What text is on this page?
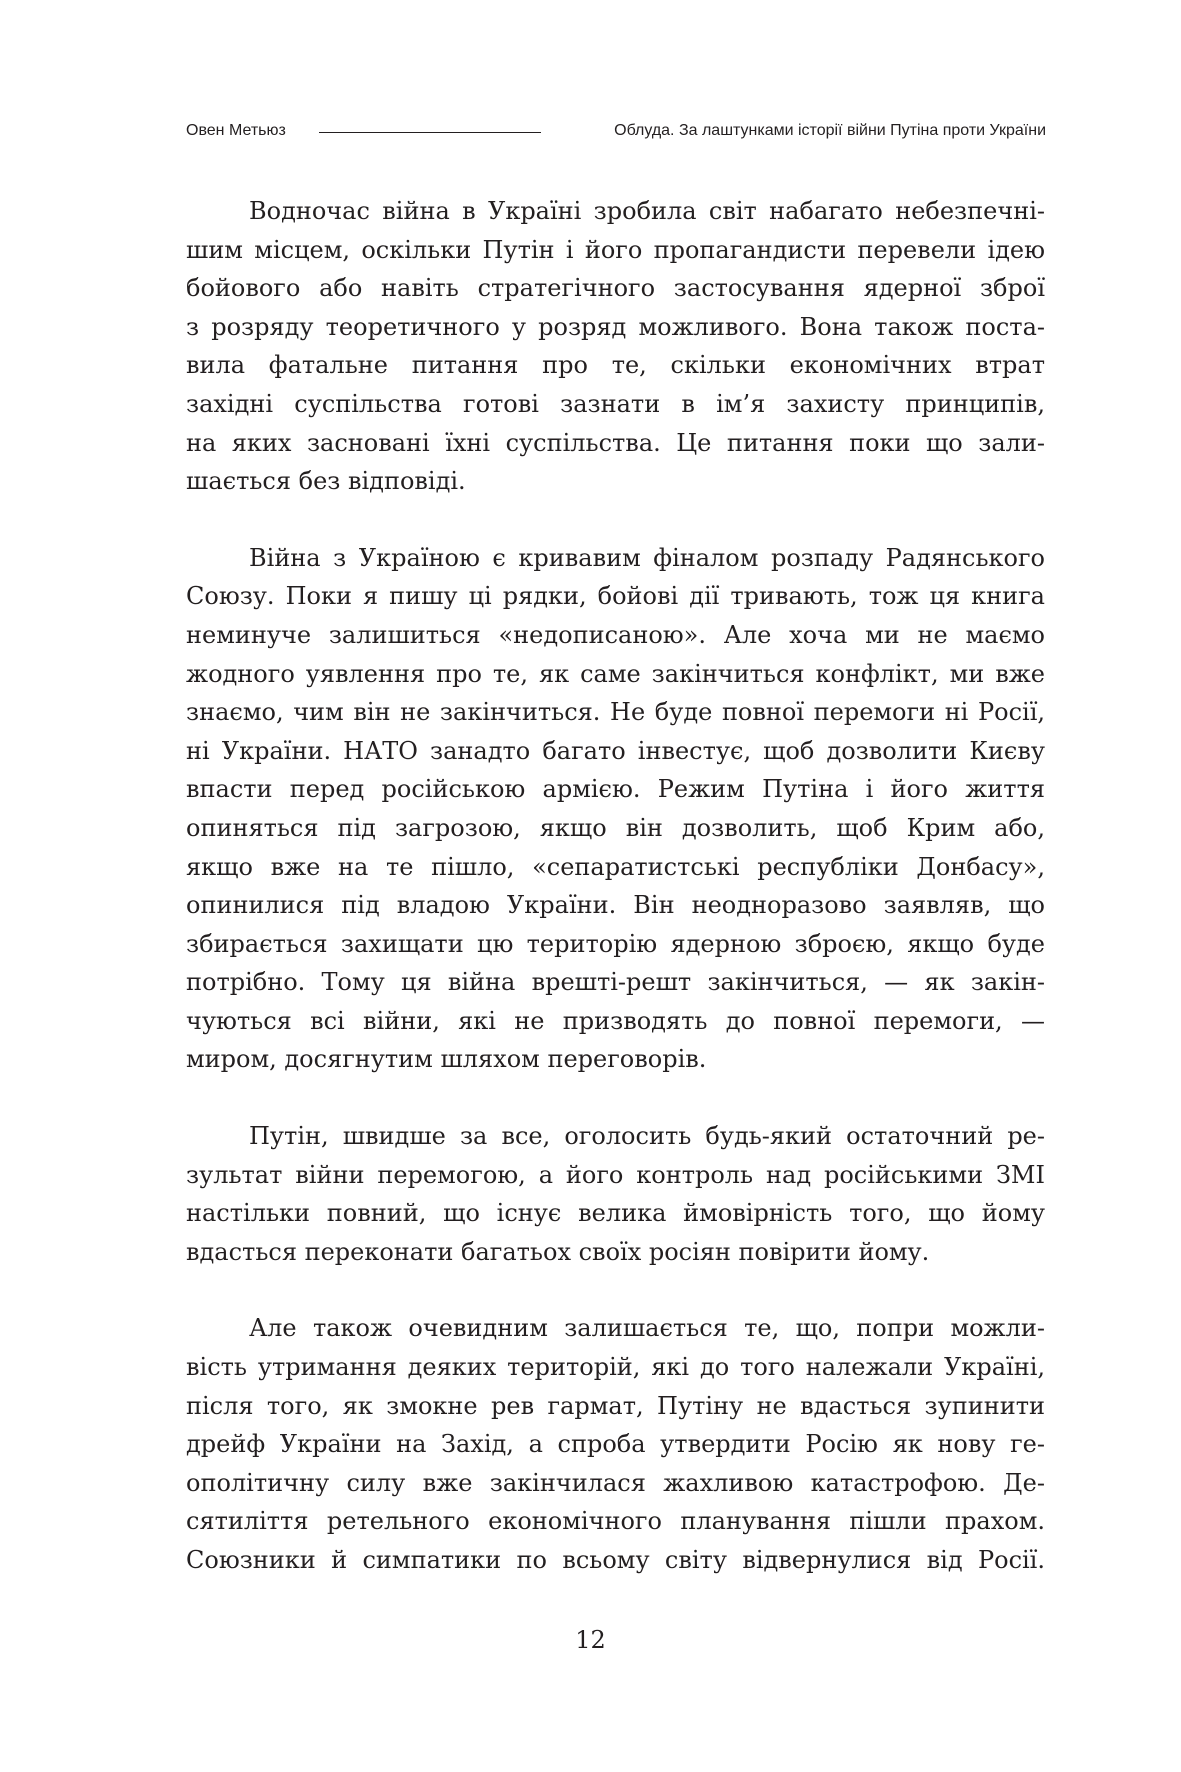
Овен Метьюз	Облуда. За лаштунками історії війни Путіна проти України
Водночас війна в Україні зробила світ набагато небезпечні-
шим місцем, оскільки Путін і його пропагандисти перевели ідею
бойового або навіть стратегічного застосування ядерної зброї
з розряду теоретичного у розряд можливого. Вона також поста-
вила фатальне питання про те, скільки економічних втрат
західні суспільства готові зазнати в ім’я захисту принципів,
на яких засновані їхні суспільства. Це питання поки що зали-
шається без відповіді.
Війна з Україною є кривавим фіналом розпаду Радянського
Союзу. Поки я пишу ці рядки, бойові дії тривають, тож ця книга
неминуче залишиться «недописаною». Але хоча ми не маємо
жодного уявлення про те, як саме закінчиться конфлікт, ми вже
знаємо, чим він не закінчиться. Не буде повної перемоги ні Росії,
ні України. НАТО занадто багато інвестує, щоб дозволити Києву
впасти перед російською армією. Режим Путіна і його життя
опиняться під загрозою, якщо він дозволить, щоб Крим або,
якщо вже на те пішло, «сепаратистські республіки Донбасу»,
опинилися під владою України. Він неодноразово заявляв, що
збирається захищати цю територію ядерною зброєю, якщо буде
потрібно. Тому ця війна врешті-решт закінчиться, — як закін-
чуються всі війни, які не призводять до повної перемоги, —
миром, досягнутим шляхом переговорів.
Путін, швидше за все, оголосить будь-який остаточний ре-
зультат війни перемогою, а його контроль над російськими ЗМІ
настільки повний, що існує велика ймовірність того, що йому
вдасться переконати багатьох своїх росіян повірити йому.
Але також очевидним залишається те, що, попри можли-
вість утримання деяких територій, які до того належали Україні,
після того, як змокне рев гармат, Путіну не вдасться зупинити
дрейф України на Захід, а спроба утвердити Росію як нову ге-
ополітичну силу вже закінчилася жахливою катастрофою. Де-
сятиліття ретельного економічного планування пішли прахом.
Союзники й симпатики по всьому світу відвернулися від Росії.
12
